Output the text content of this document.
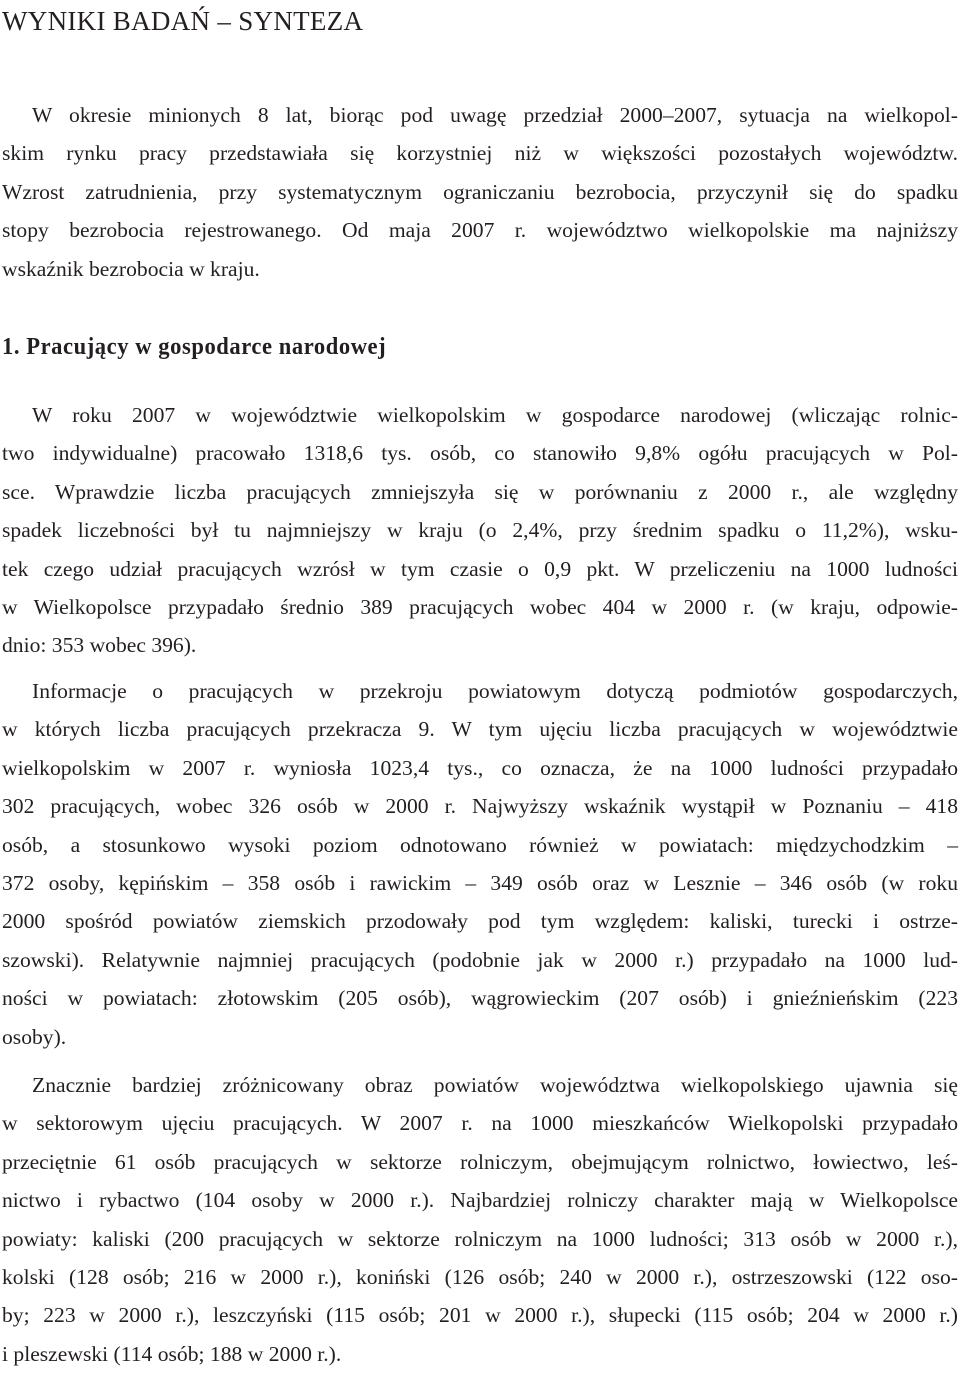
WYNIKI BADAŃ – SYNTEZA
W okresie minionych 8 lat, biorąc pod uwagę przedział 2000–2007, sytuacja na wielkopol-
skim rynku pracy przedstawiała się korzystniej niż w większości pozostałych województw.
Wzrost zatrudnienia, przy systematycznym ograniczaniu bezrobocia, przyczynił się do spadku
stopy bezrobocia rejestrowanego. Od maja 2007 r. województwo wielkopolskie ma najniższy
wskaźnik bezrobocia w kraju.
1. Pracujący w gospodarce narodowej
W roku 2007 w województwie wielkopolskim w gospodarce narodowej (wliczając rolnic-
two indywidualne) pracowało 1318,6 tys. osób, co stanowiło 9,8% ogółu pracujących w Pol-
sce. Wprawdzie liczba pracujących zmniejszyła się w porównaniu z 2000 r., ale względny
spadek liczebności był tu najmniejszy w kraju (o 2,4%, przy średnim spadku o 11,2%), wsku-
tek czego udział pracujących wzrósł w tym czasie o 0,9 pkt. W przeliczeniu na 1000 ludności
w Wielkopolsce przypadało średnio 389 pracujących wobec 404 w 2000 r. (w kraju, odpowie-
dnio: 353 wobec 396).
Informacje o pracujących w przekroju powiatowym dotyczą podmiotów gospodarczych,
w których liczba pracujących przekracza 9. W tym ujęciu liczba pracujących w województwie
wielkopolskim w 2007 r. wyniosła 1023,4 tys., co oznacza, że na 1000 ludności przypadało
302 pracujących, wobec 326 osób w 2000 r. Najwyższy wskaźnik wystąpił w Poznaniu – 418
osób, a stosunkowo wysoki poziom odnotowano również w powiatach: międzychodzkim –
372 osoby, kępińskim – 358 osób i rawickim – 349 osób oraz w Lesznie – 346 osób (w roku
2000 spośród powiatów ziemskich przodowały pod tym względem: kaliski, turecki i ostrze-
szowski). Relatywnie najmniej pracujących (podobnie jak w 2000 r.) przypadało na 1000 lud-
ności w powiatach: złotowskim (205 osób), wągrowieckim (207 osób) i gnieźnieńskim (223
osoby).
Znacznie bardziej zróżnicowany obraz powiatów województwa wielkopolskiego ujawnia się
w sektorowym ujęciu pracujących. W 2007 r. na 1000 mieszkańców Wielkopolski przypadało
przeciętnie 61 osób pracujących w sektorze rolniczym, obejmującym rolnictwo, łowiectwo, leś-
nictwo i rybactwo (104 osoby w 2000 r.). Najbardziej rolniczy charakter mają w Wielkopolsce
powiaty: kaliski (200 pracujących w sektorze rolniczym na 1000 ludności; 313 osób w 2000 r.),
kolski (128 osób; 216 w 2000 r.), koniński (126 osób; 240 w 2000 r.), ostrzeszowski (122 oso-
by; 223 w 2000 r.), leszczyński (115 osób; 201 w 2000 r.), słupecki (115 osób; 204 w 2000 r.)
i pleszewski (114 osób; 188 w 2000 r.).
